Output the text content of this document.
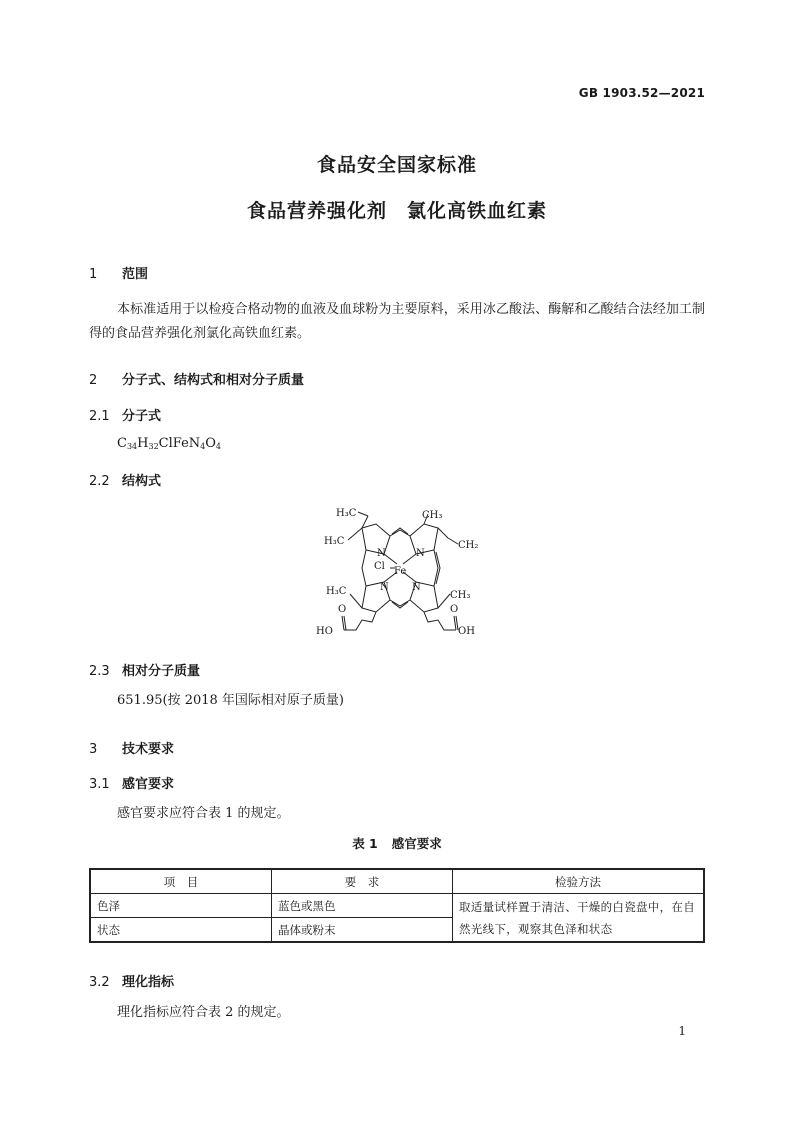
GB 1903.52—2021
食品安全国家标准
食品营养强化剂　氯化高铁血红素
1 范围
本标准适用于以检疫合格动物的血液及血球粉为主要原料，采用冰乙酸法、酶解和乙酸结合法经加工制得的食品营养强化剂氯化高铁血红素。
2 分子式、结构式和相对分子质量
2.1 分子式
$C_{34}H_{32}ClFeN_4O_4$
2.2 结构式
H₃C	CH₃
CH₂
H₃C
N	N
Cl Fe
N N
H₃C	CH₃
O	O
HO	OH
2.3 相对分子质量
651.95(按 2018 年国际相对原子质量)
3 技术要求
3.1 感官要求
感官要求应符合表 1 的规定。
表 1 感官要求
项　目	要　求	检验方法
色泽	蓝色或黑色	取适量试样置于清洁、干燥的白瓷盘中，在自然光线下，观察其色泽和状态
状态	晶体或粉末	
3.2 理化指标
理化指标应符合表 2 的规定。
1
